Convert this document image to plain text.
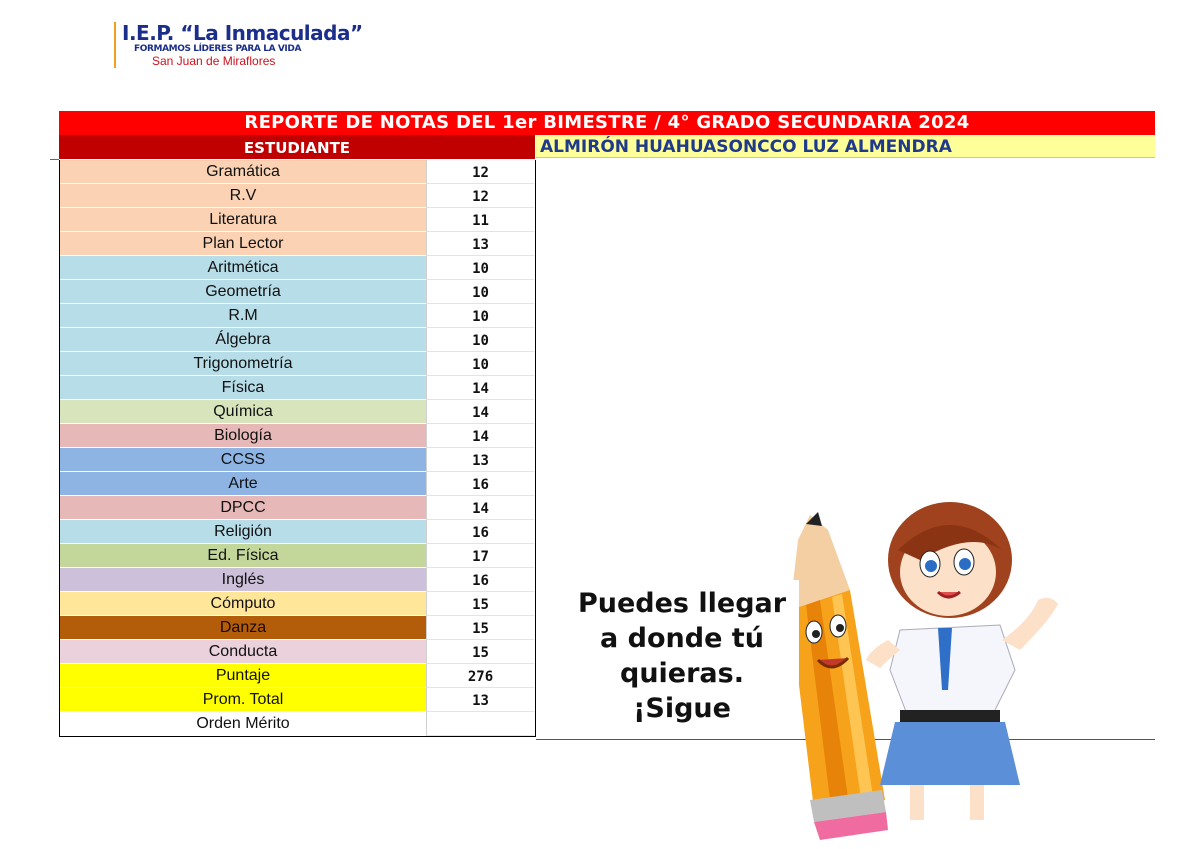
I.E.P. “La Inmaculada”
FORMAMOS LÍDERES PARA LA VIDA
San Juan de Miraflores
REPORTE DE NOTAS DEL 1er BIMESTRE / 4° GRADO SECUNDARIA 2024
ESTUDIANTE	ALMIRÓN HUAHUASONCCO LUZ ALMENDRA
Gramática	12
R.V	12
Literatura	11
Plan Lector	13
Aritmética	10
Geometría	10
R.M	10
Álgebra	10
Trigonometría	10
Física	14
Química	14
Biología	14
CCSS	13
Arte	16
DPCC	14
Religión	16
Ed. Física	17
Inglés	16
Cómputo	15
Danza	15
Conducta	15
Puntaje	276
Prom. Total	13
Orden Mérito
Puedes llegar
a donde tú
quieras.
¡Sigue
